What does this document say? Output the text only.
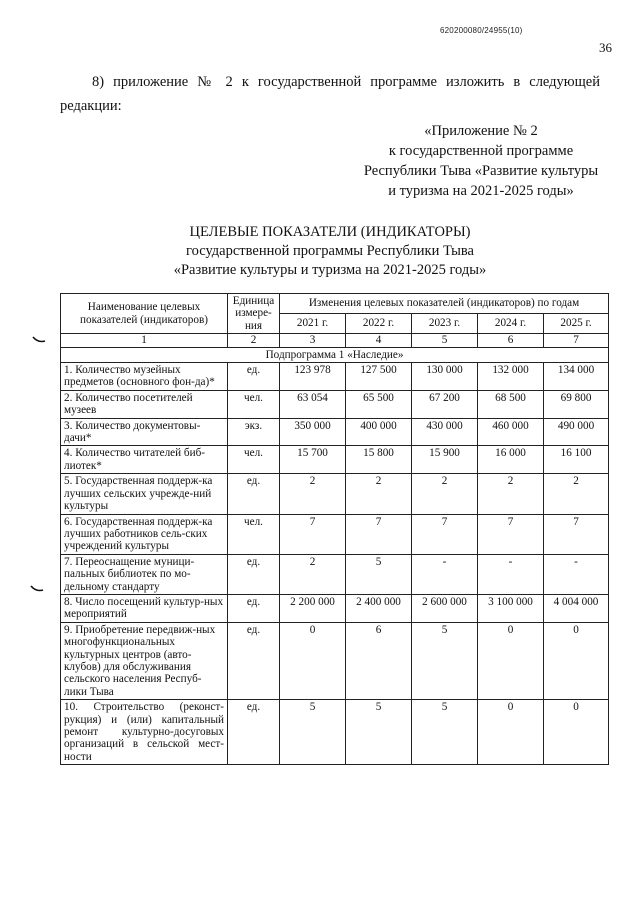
620200080/24955(10)
36
8) приложение № 2 к государственной программе изложить в следующей редакции:
«Приложение № 2
к государственной программе
Республики Тыва «Развитие культуры
и туризма на 2021-2025 годы»
ЦЕЛЕВЫЕ ПОКАЗАТЕЛИ (ИНДИКАТОРЫ)
государственной программы Республики Тыва
«Развитие культуры и туризма на 2021-2025 годы»
Наименование целевых показателей (индикаторов)	Единица измере-ния	Изменения целевых показателей (индикаторов) по годам				
		2021 г.	2022 г.	2023 г.	2024 г.	2025 г.
1	2	3	4	5	6	7
Подпрограмма 1 «Наследие»						
1. Количество музейных предметов (основного фон-да)*	ед.	123 978	127 500	130 000	132 000	134 000
2. Количество посетителей музеев	чел.	63 054	65 500	67 200	68 500	69 800
3. Количество документовы-дачи*	экз.	350 000	400 000	430 000	460 000	490 000
4. Количество читателей биб-лиотек*	чел.	15 700	15 800	15 900	16 000	16 100
5. Государственная поддерж-ка лучших сельских учрежде-ний культуры	ед.	2	2	2	2	2
6. Государственная поддерж-ка лучших работников сель-ских учреждений культуры	чел.	7	7	7	7	7
7. Переоснащение муници-пальных библиотек по мо-дельному стандарту	ед.	2	5	-	-	-
8. Число посещений культур-ных мероприятий	ед.	2 200 000	2 400 000	2 600 000	3 100 000	4 004 000
9. Приобретение передвиж-ных многофункциональных культурных центров (авто-клубов) для обслуживания сельского населения Респуб-лики Тыва	ед.	0	6	5	0	0
10. Строительство (реконст-рукция) и (или) капитальный ремонт культурно-досуговых организаций в сельской мест-ности	ед.	5	5	5	0	0
